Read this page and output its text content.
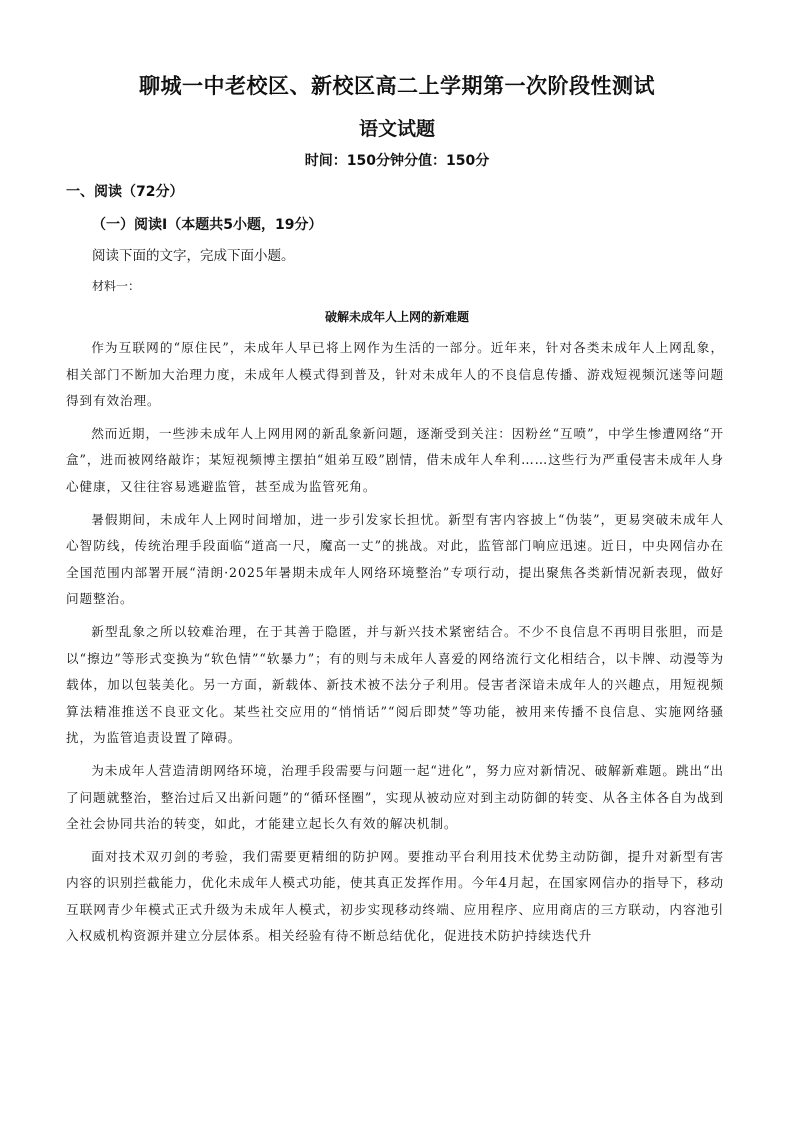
聊城一中老校区、新校区高二上学期第一次阶段性测试
语文试题
时间：150分钟分值：150分
一、阅读（72分）
（一）阅读Ⅰ（本题共5小题，19分）
阅读下面的文字，完成下面小题。
材料一：
破解未成年人上网的新难题

作为互联网的“原住民”，未成年人早已将上网作为生活的一部分。近年来，针对各类未成年人上网乱象，相关部门不断加大治理力度，未成年人模式得到普及，针对未成年人的不良信息传播、游戏短视频沉迷等问题得到有效治理。

然而近期，一些涉未成年人上网用网的新乱象新问题，逐渐受到关注：因粉丝“互喷”，中学生惨遭网络“开盒”，进而被网络敲诈；某短视频博主摆拍“姐弟互殴”剧情，借未成年人牟利……这些行为严重侵害未成年人身心健康，又往往容易逃避监管，甚至成为监管死角。

暑假期间，未成年人上网时间增加，进一步引发家长担忧。新型有害内容披上“伪装”，更易突破未成年人心智防线，传统治理手段面临“道高一尺，魔高一丈”的挑战。对此，监管部门响应迅速。近日，中央网信办在全国范围内部署开展“清朗·2025年暑期未成年人网络环境整治”专项行动，提出聚焦各类新情况新表现，做好问题整治。

新型乱象之所以较难治理，在于其善于隐匿，并与新兴技术紧密结合。不少不良信息不再明目张胆，而是以“擦边”等形式变换为“软色情”“软暴力”；有的则与未成年人喜爱的网络流行文化相结合，以卡牌、动漫等为载体，加以包装美化。另一方面，新载体、新技术被不法分子利用。侵害者深谙未成年人的兴趣点，用短视频算法精准推送不良亚文化。某些社交应用的“悄悄话”“阅后即焚”等功能，被用来传播不良信息、实施网络骚扰，为监管追责设置了障碍。

为未成年人营造清朗网络环境，治理手段需要与问题一起“进化”，努力应对新情况、破解新难题。跳出“出了问题就整治，整治过后又出新问题”的“循环怪圈”，实现从被动应对到主动防御的转变、从各主体各自为战到全社会协同共治的转变，如此，才能建立起长久有效的解决机制。

面对技术双刃剑的考验，我们需要更精细的防护网。要推动平台利用技术优势主动防御，提升对新型有害内容的识别拦截能力，优化未成年人模式功能，使其真正发挥作用。今年4月起，在国家网信办的指导下，移动互联网青少年模式正式升级为未成年人模式，初步实现移动终端、应用程序、应用商店的三方联动，内容池引入权威机构资源并建立分层体系。相关经验有待不断总结优化，促进技术防护持续迭代升
